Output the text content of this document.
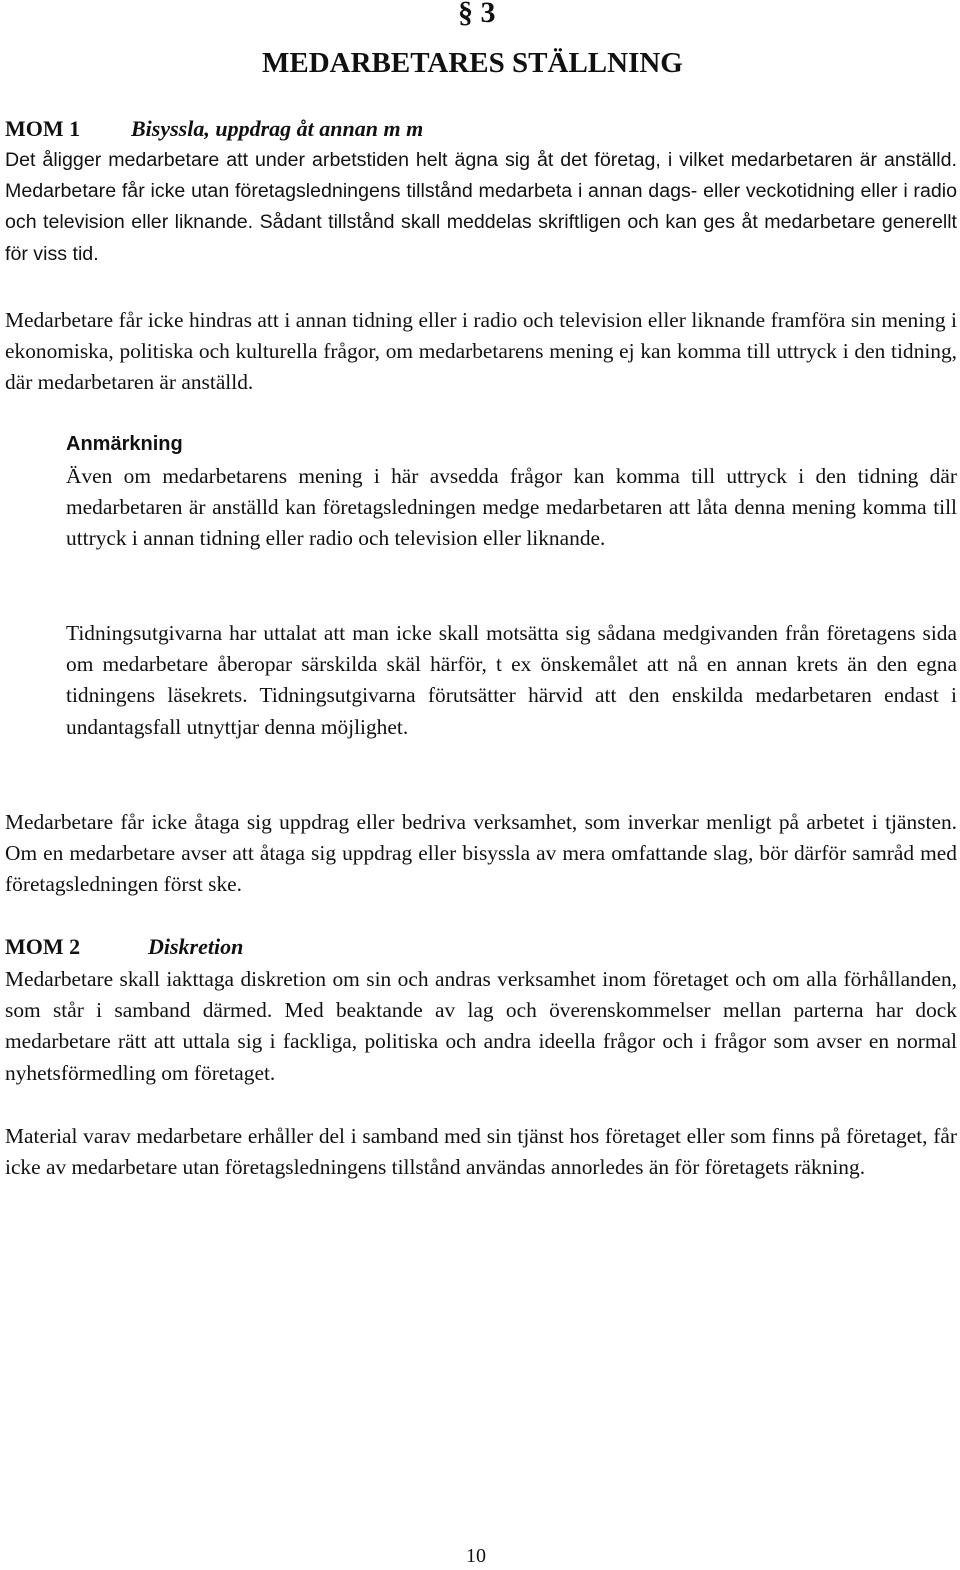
§ 3
MEDARBETARES STÄLLNING
MOM 1 Bisyssla, uppdrag åt annan m m

Det åligger medarbetare att under arbetstiden helt ägna sig åt det företag, i vilket medarbetaren är anställd. Medarbetare får icke utan företagsledningens tillstånd medarbeta i annan dags- eller veckotidning eller i radio och television eller liknande. Sådant tillstånd skall meddelas skriftligen och kan ges åt medarbetare generellt för viss tid.

Medarbetare får icke hindras att i annan tidning eller i radio och television eller liknande framföra sin mening i ekonomiska, politiska och kulturella frågor, om medarbetarens mening ej kan komma till uttryck i den tidning, där medarbetaren är anställd.

Anmärkning

Även om medarbetarens mening i här avsedda frågor kan komma till uttryck i den tidning där medarbetaren är anställd kan företagsledningen medge medarbetaren att låta denna mening komma till uttryck i annan tidning eller radio och television eller liknande.

Tidningsutgivarna har uttalat att man icke skall motsätta sig sådana medgivanden från företagens sida om medarbetare åberopar särskilda skäl härför, t ex önskemålet att nå en annan krets än den egna tidningens läsekrets. Tidningsutgivarna förutsätter härvid att den enskilda medarbetaren endast i undantagsfall utnyttjar denna möjlighet.

Medarbetare får icke åtaga sig uppdrag eller bedriva verksamhet, som inverkar menligt på arbetet i tjänsten. Om en medarbetare avser att åtaga sig uppdrag eller bisyssla av mera omfattande slag, bör därför samråd med företagsledningen först ske.

MOM 2	Diskretion

Medarbetare skall iakttaga diskretion om sin och andras verksamhet inom företaget och om alla förhållanden, som står i samband därmed. Med beaktande av lag och överenskommelser mellan parterna har dock medarbetare rätt att uttala sig i fackliga, politiska och andra ideella frågor och i frågor som avser en normal nyhetsförmedling om företaget.

Material varav medarbetare erhåller del i samband med sin tjänst hos företaget eller som finns på företaget, får icke av medarbetare utan företagsledningens tillstånd användas annorledes än för företagets räkning.

10
